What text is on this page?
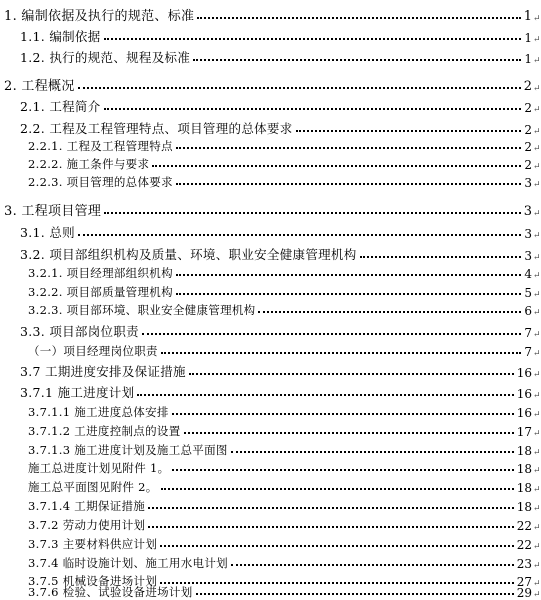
1. 编制依据及执行的规范、标准	1 ↵
1.1. 编制依据	1 ↵
1.2. 执行的规范、规程及标准	1 ↵
2. 工程概况	2 ↵
2.1. 工程简介	2 ↵
2.2. 工程及工程管理特点、项目管理的总体要求	2 ↵
2.2.1. 工程及工程管理特点	2 ↵
2.2.2. 施工条件与要求	2 ↵
2.2.3. 项目管理的总体要求	3 ↵
3. 工程项目管理	3 ↵
3.1. 总则	3 ↵
3.2. 项目部组织机构及质量、环境、职业安全健康管理机构	3 ↵
3.2.1. 项目经理部组织机构	4 ↵
3.2.2. 项目部质量管理机构	5 ↵
3.2.3. 项目部环境、职业安全健康管理机构	6 ↵
3.3. 项目部岗位职责	7 ↵
（一）项目经理岗位职责	7 ↵
3.7 工期进度安排及保证措施	16 ↵
3.7.1 施工进度计划	16 ↵
3.7.1.1 施工进度总体安排	16 ↵
3.7.1.2 工进度控制点的设置	17 ↵
3.7.1.3 施工进度计划及施工总平面图	18 ↵
施工总进度计划见附件 1。	18 ↵
施工总平面图见附件 2。	18 ↵
3.7.1.4 工期保证措施	18 ↵
3.7.2 劳动力使用计划	22 ↵
3.7.3 主要材料供应计划	22 ↵
3.7.4 临时设施计划、施工用水电计划	23 ↵
3.7.5 机械设备进场计划	27 ↵
3.7.6 检验、试验设备进场计划	29 ↵
